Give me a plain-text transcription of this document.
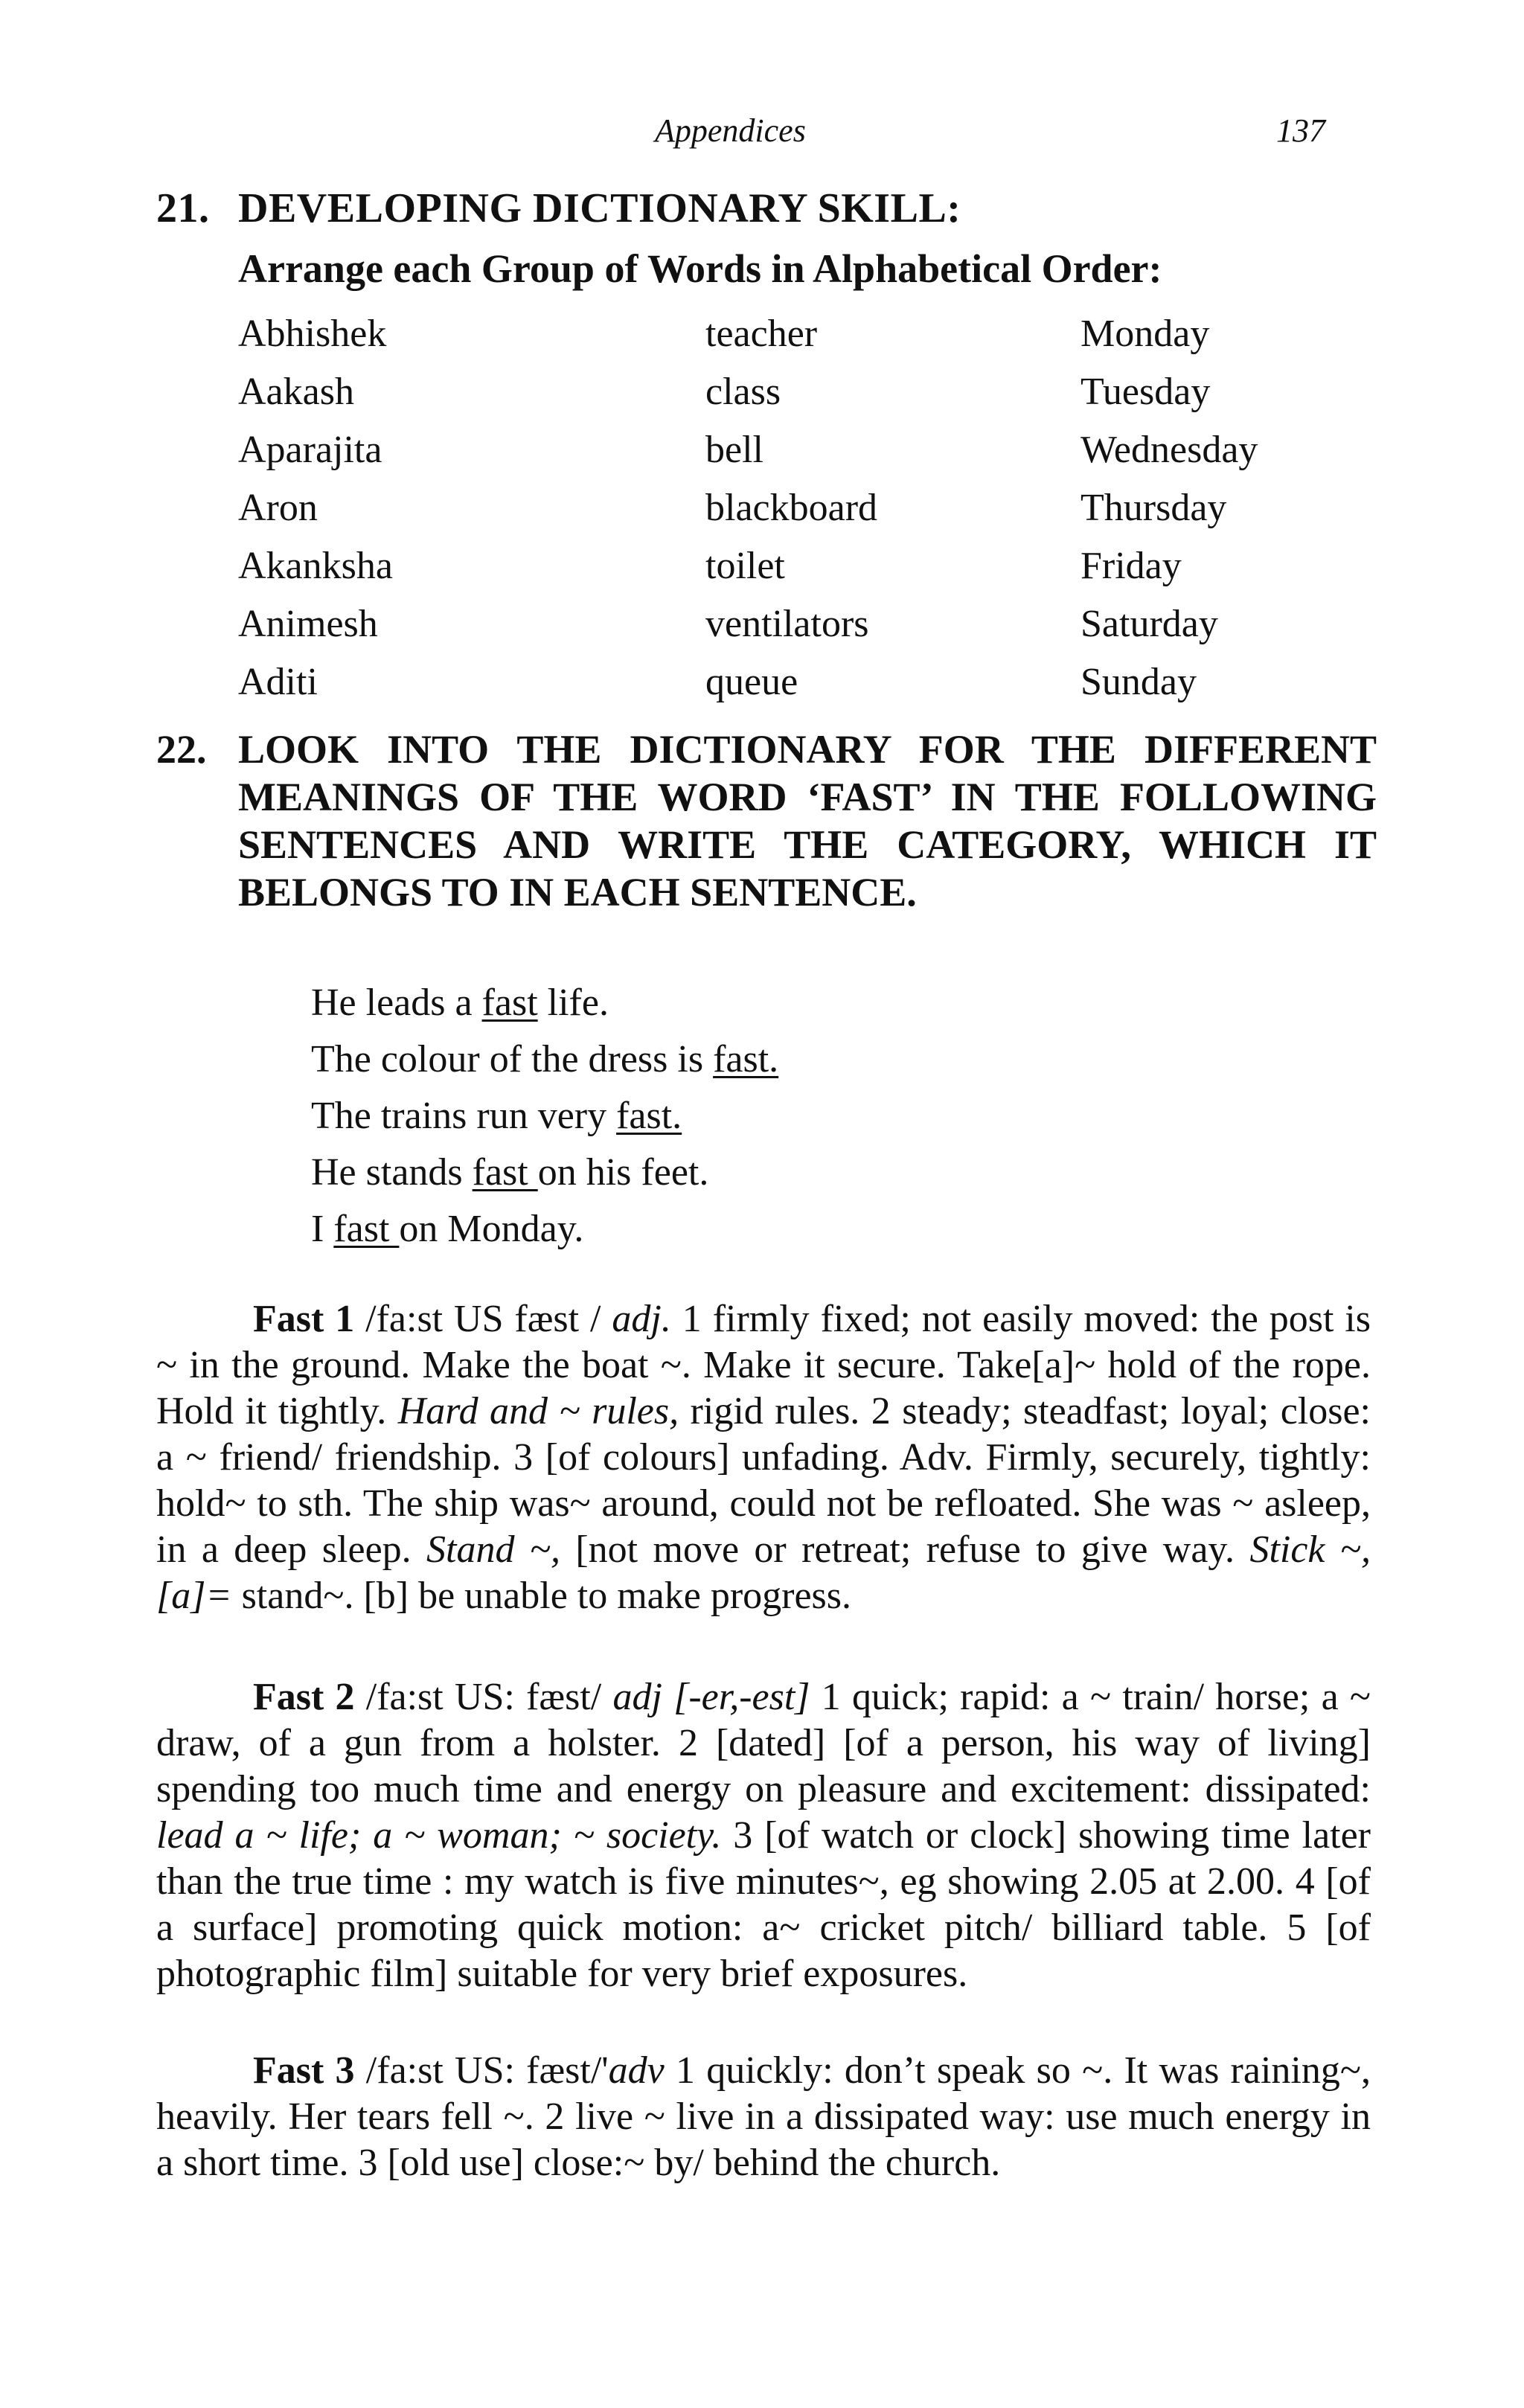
Appendices	137
21. DEVELOPING DICTIONARY SKILL:
Arrange each Group of Words in Alphabetical Order:
Abhishek	teacher	Monday
Aakash	class	Tuesday
Aparajita	bell	Wednesday
Aron	blackboard	Thursday
Akanksha	toilet	Friday
Animesh	ventilators	Saturday
Aditi	queue	Sunday
22. LOOK INTO THE DICTIONARY FOR THE DIFFERENT MEANINGS OF THE WORD ‘FAST’ IN THE FOLLOWING SENTENCES AND WRITE THE CATEGORY, WHICH IT BELONGS TO IN EACH SENTENCE.
He leads a fast life.
The colour of the dress is fast.
The trains run very fast.
He stands fast on his feet.
I fast on Monday.

Fast 1 /fa:st US fæst / adj. 1 firmly fixed; not easily moved: the post is ~ in the ground. Make the boat ~. Make it secure. Take[a]~ hold of the rope. Hold it tightly. Hard and ~ rules, rigid rules. 2 steady; steadfast; loyal; close: a ~ friend/ friendship. 3 [of colours] unfading. Adv. Firmly, securely, tightly: hold~ to sth. The ship was~ around, could not be refloated. She was ~ asleep, in a deep sleep. Stand ~, [not move or retreat; refuse to give way. Stick ~, [a]= stand~. [b] be unable to make progress.

Fast 2 /fa:st US: fæst/ adj [-er,-est] 1 quick; rapid: a ~ train/ horse; a ~ draw, of a gun from a holster. 2 [dated] [of a person, his way of living] spending too much time and energy on pleasure and excitement: dissipated: lead a ~ life; a ~ woman; ~ society. 3 [of watch or clock] showing time later than the true time : my watch is five minutes~, eg showing 2.05 at 2.00. 4 [of a surface] promoting quick motion: a~ cricket pitch/ billiard table. 5 [of photographic film] suitable for very brief exposures.

Fast 3 /fa:st US: fæst/'adv 1 quickly: don’t speak so ~. It was raining~, heavily. Her tears fell ~. 2 live ~ live in a dissipated way: use much energy in a short time. 3 [old use] close:~ by/ behind the church.
